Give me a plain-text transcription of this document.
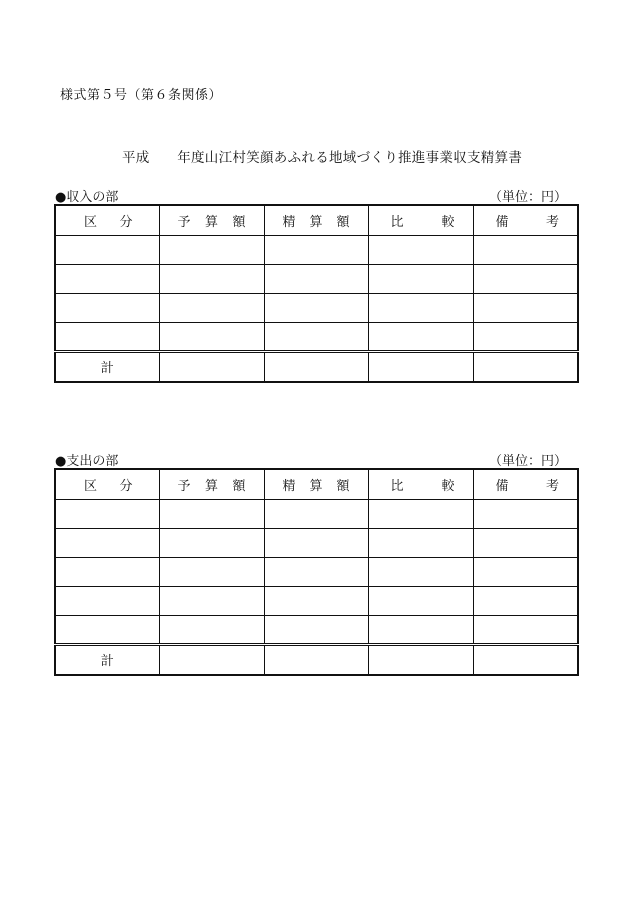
様式第５号（第６条関係）
平成　　年度山江村笑顔あふれる地域づくり推進事業収支精算書
●収入の部	（単位：円）
区 分	予 算 額	精 算 額	比 較	備 考

計				
●支出の部	（単位：円）
区 分	予 算 額	精 算 額	比 較	備 考

計				
